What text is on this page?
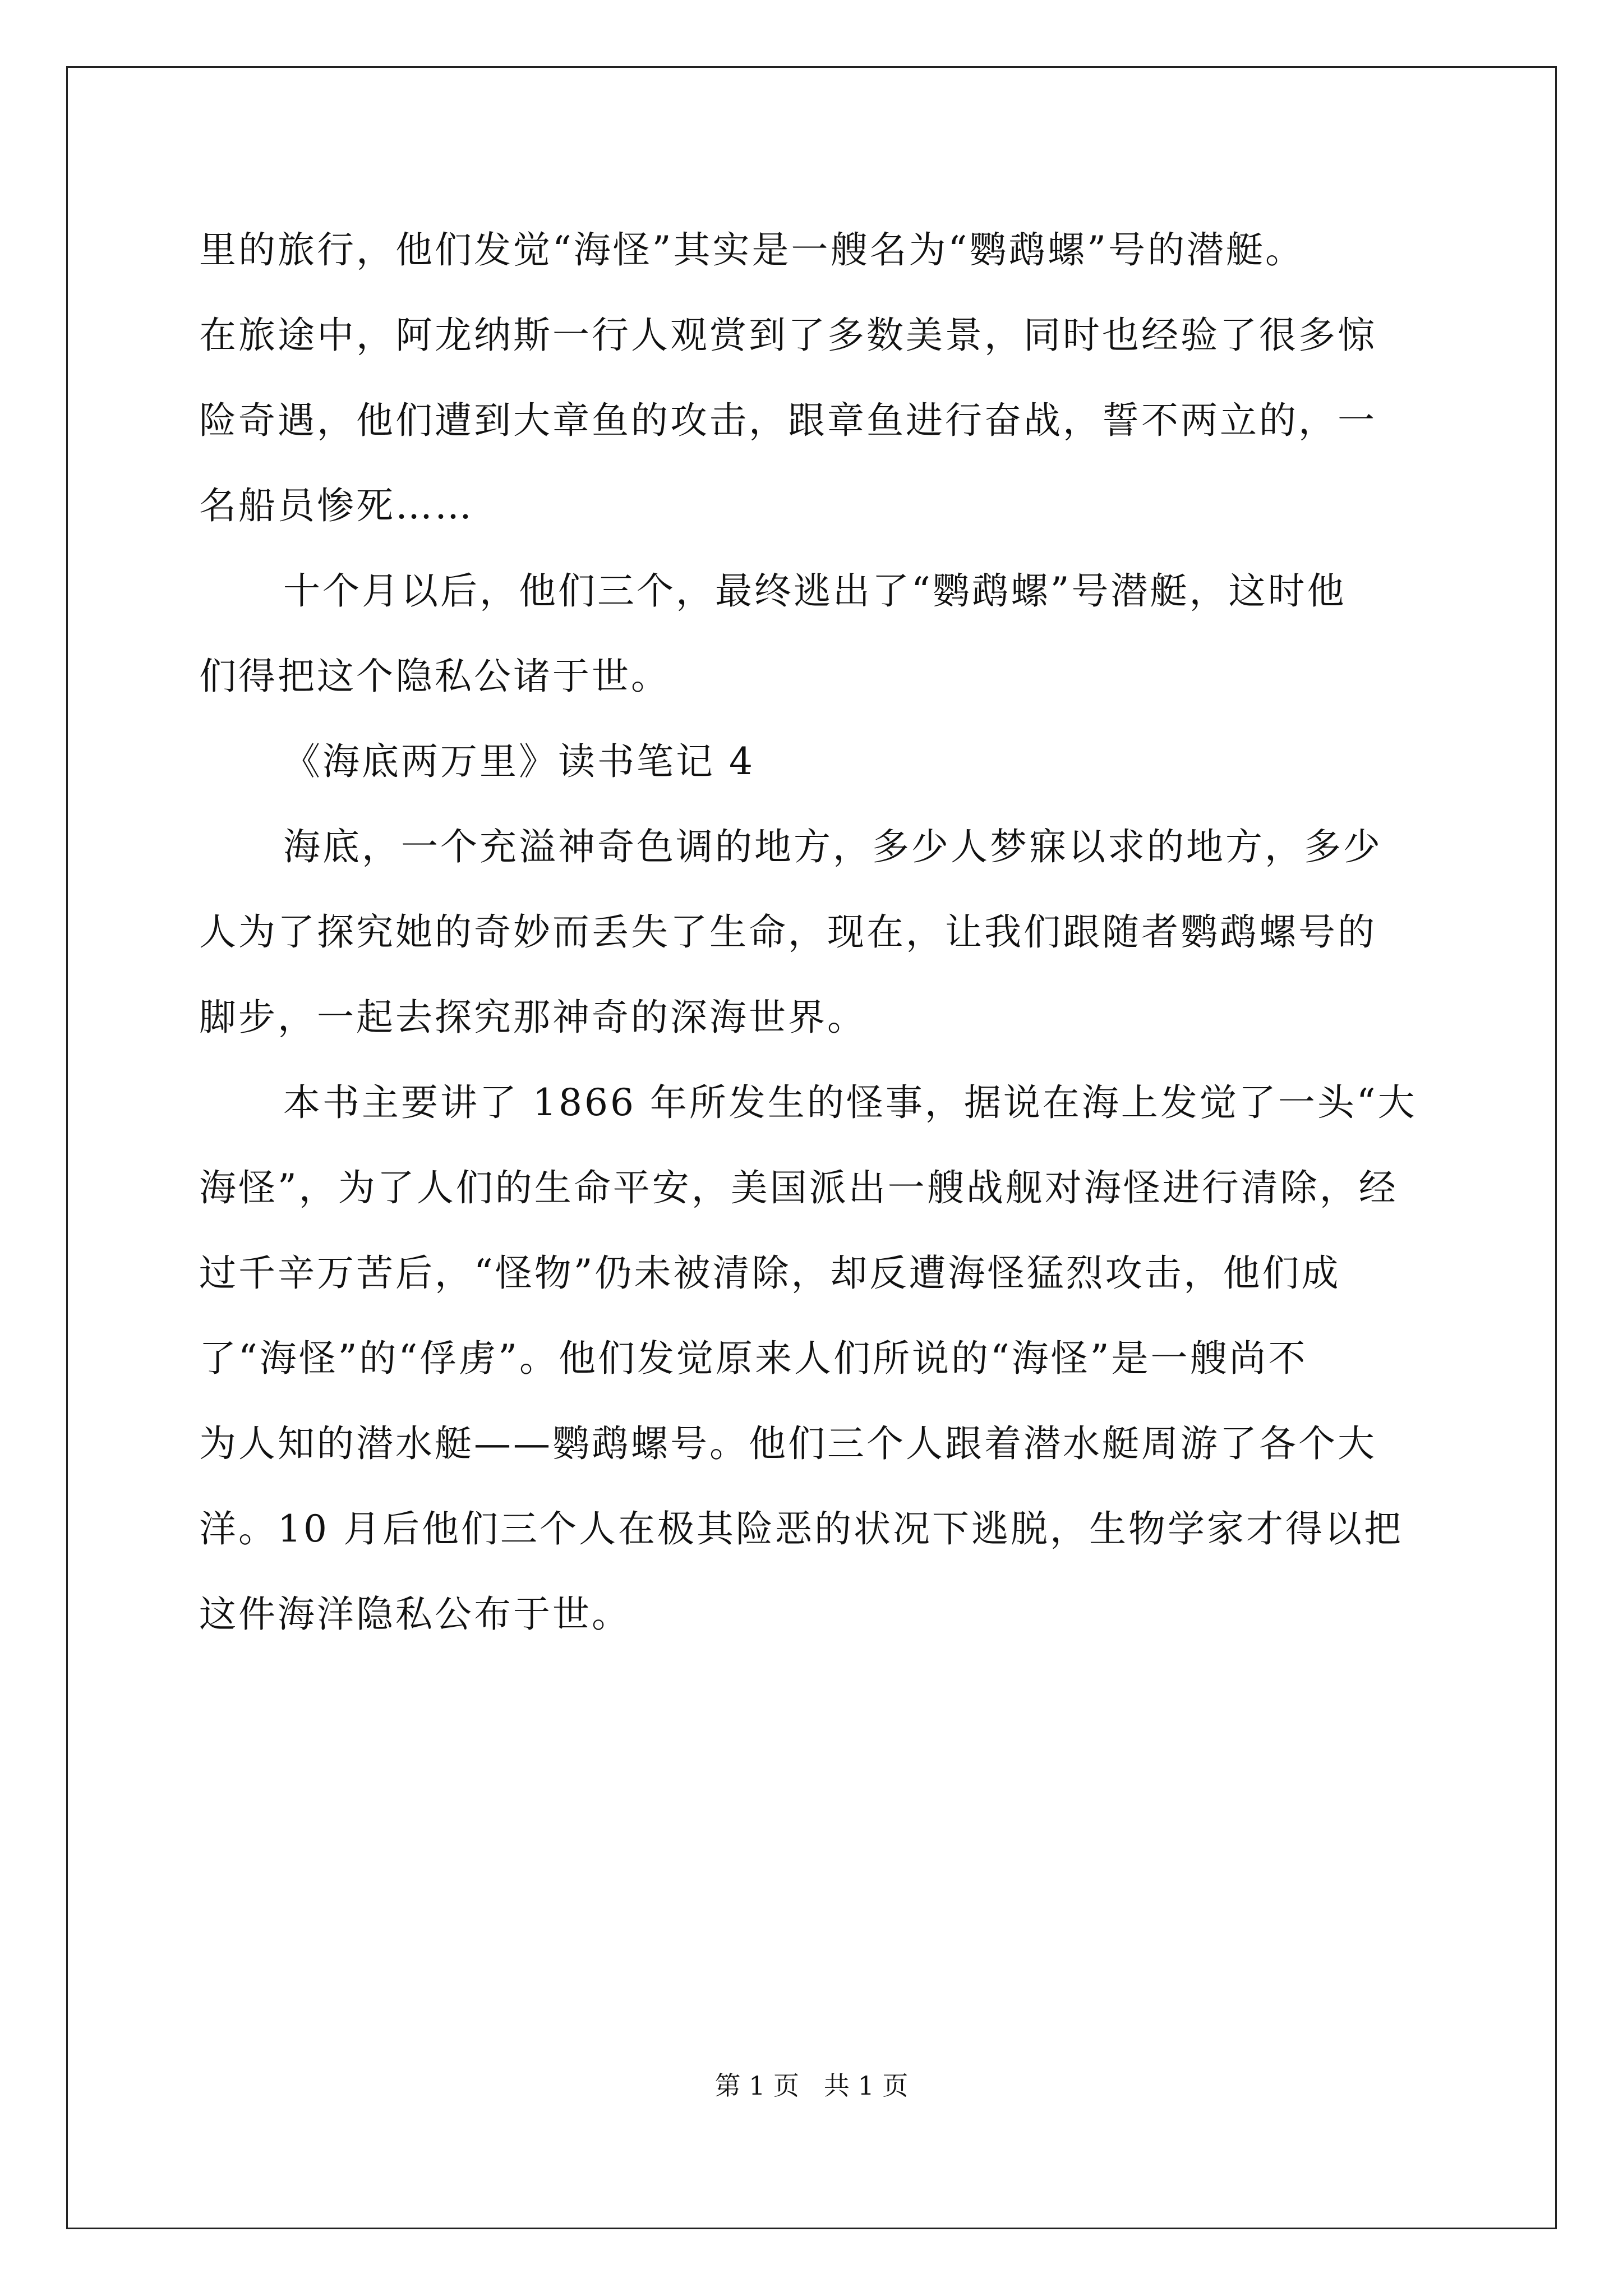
里的旅行，他们发觉“海怪”其实是一艘名为“鹦鹉螺”号的潜艇。
在旅途中，阿龙纳斯一行人观赏到了多数美景，同时也经验了很多惊
险奇遇，他们遭到大章鱼的攻击，跟章鱼进行奋战，誓不两立的，一
名船员惨死……
十个月以后，他们三个，最终逃出了“鹦鹉螺”号潜艇，这时他
们得把这个隐私公诸于世。
《海底两万里》读书笔记 4
海底，一个充溢神奇色调的地方，多少人梦寐以求的地方，多少
人为了探究她的奇妙而丢失了生命，现在，让我们跟随者鹦鹉螺号的
脚步，一起去探究那神奇的深海世界。
本书主要讲了 1866 年所发生的怪事，据说在海上发觉了一头“大
海怪”，为了人们的生命平安，美国派出一艘战舰对海怪进行清除，经
过千辛万苦后，“怪物”仍未被清除，却反遭海怪猛烈攻击，他们成
了“海怪”的“俘虏”。他们发觉原来人们所说的“海怪”是一艘尚不
为人知的潜水艇——鹦鹉螺号。他们三个人跟着潜水艇周游了各个大
洋。10 月后他们三个人在极其险恶的状况下逃脱，生物学家才得以把
这件海洋隐私公布于世。
第 1 页   共 1 页
